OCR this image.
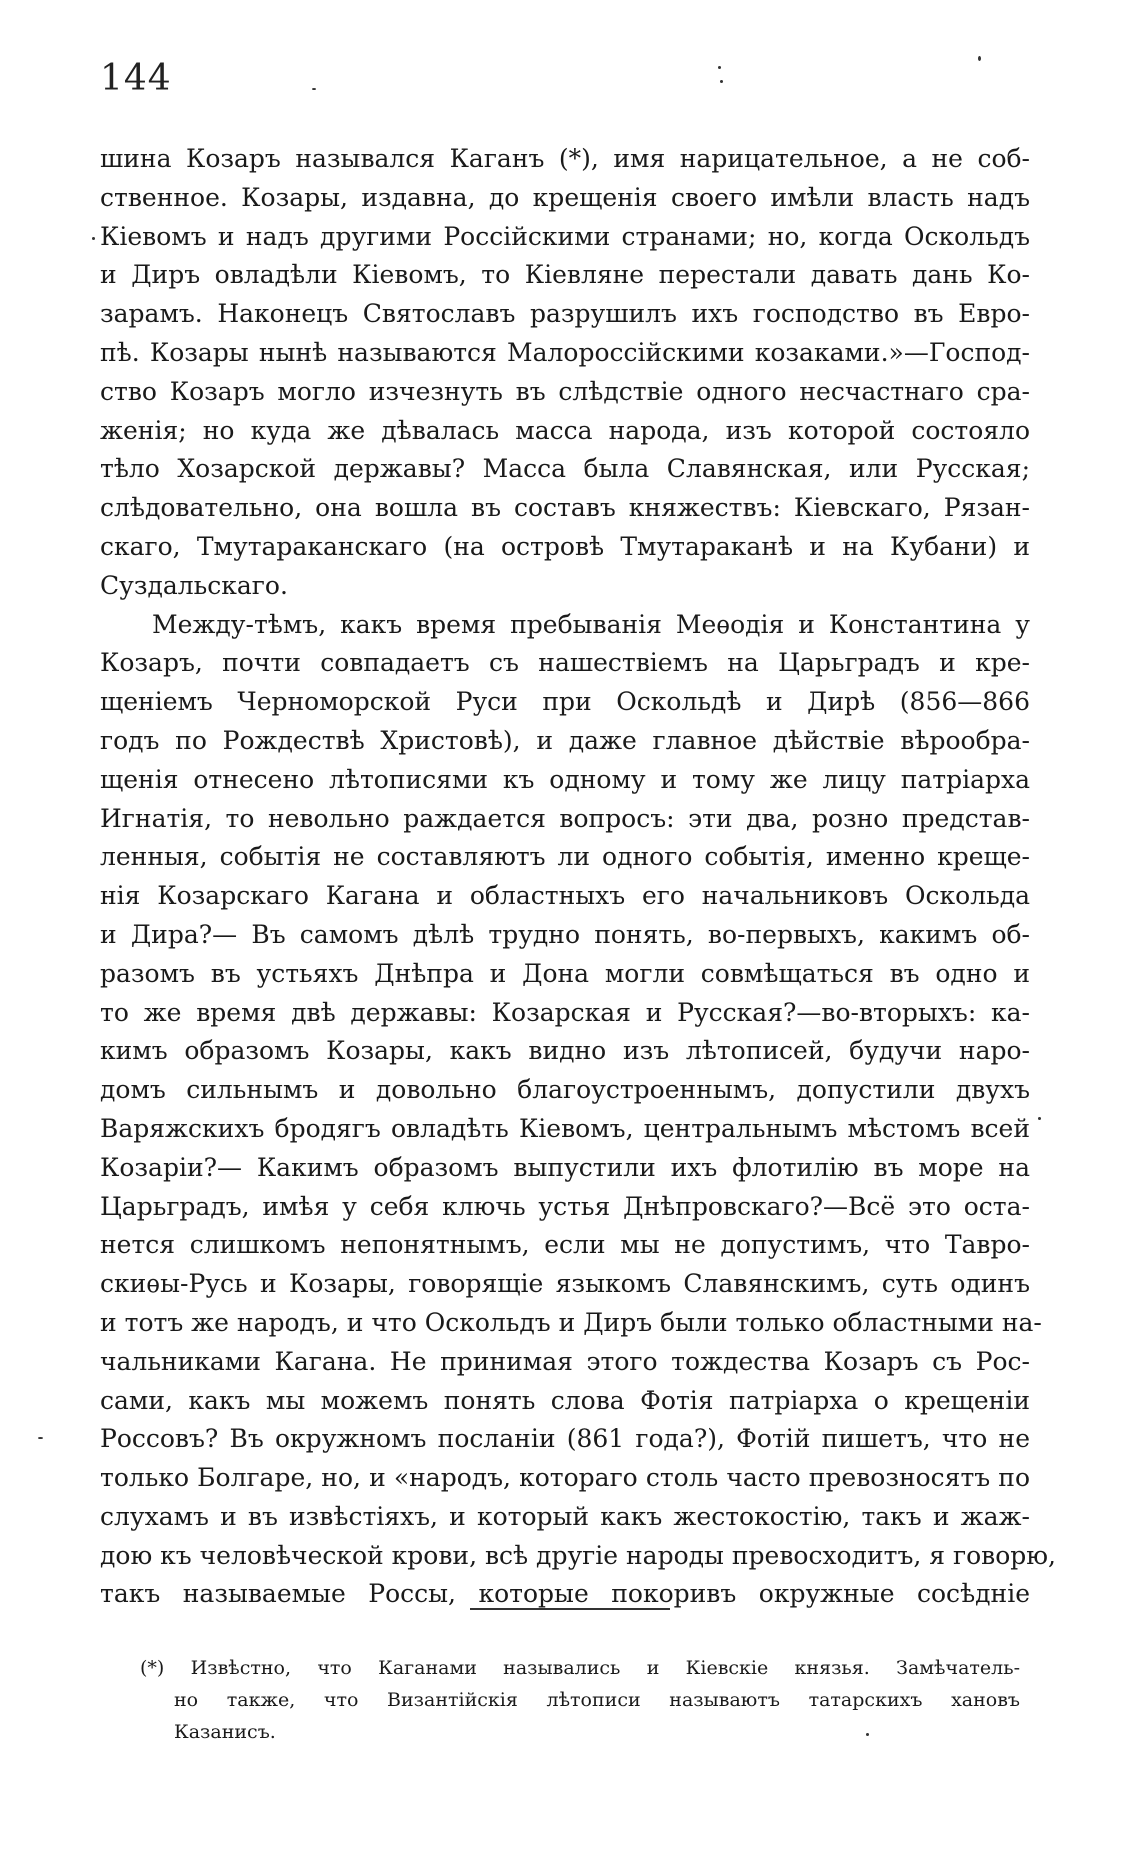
144
шина Козаръ назывался Каганъ (*), имя нарицательное, а не соб-
ственное. Козары, издавна, до крещенія своего имѣли власть надъ
Кіевомъ и надъ другими Россійскими странами; но, когда Оскольдъ
и Диръ овладѣли Кіевомъ, то Кіевляне перестали давать дань Ко-
зарамъ. Наконецъ Святославъ разрушилъ ихъ господство въ Евро-
пѣ. Козары нынѣ называются Малороссійскими козаками.»—Господ-
ство Козаръ могло изчезнуть въ слѣдствіе одного несчастнаго сра-
женія; но куда же дѣвалась масса народа, изъ которой состояло
тѣло Хозарской державы? Масса была Славянская, или Русская;
слѣдовательно, она вошла въ составъ княжествъ: Кіевскаго, Рязан-
скаго, Тмутараканскаго (на островѣ Тмутараканѣ и на Кубани) и
Суздальскаго.
Между-тѣмъ, какъ время пребыванія Меѳодія и Константина у
Козаръ, почти совпадаетъ съ нашествіемъ на Царьградъ и кре-
щеніемъ Черноморской Руси при Оскольдѣ и Дирѣ (856—866
годъ по Рождествѣ Христовѣ), и даже главное дѣйствіе вѣрообра-
щенія отнесено лѣтописями къ одному и тому же лицу патріарха
Игнатія, то невольно раждается вопросъ: эти два, розно представ-
ленныя, событія не составляютъ ли одного событія, именно крещe-
нія Козарскаго Кагана и областныхъ его начальниковъ Оскольда
и Дира?— Въ самомъ дѣлѣ трудно понять, во-первыхъ, какимъ об-
разомъ въ устьяхъ Днѣпра и Дона могли совмѣщаться въ одно и
то же время двѣ державы: Козарская и Русская?—во-вторыхъ: ка-
кимъ образомъ Козары, какъ видно изъ лѣтописей, будучи наро-
домъ сильнымъ и довольно благоустроеннымъ, допустили двухъ
Варяжскихъ бродягъ овладѣть Кіевомъ, центральнымъ мѣстомъ всей
Козаріи?— Какимъ образомъ выпустили ихъ флотилію въ море на
Царьградъ, имѣя у себя ключь устья Днѣпровскаго?—Всё это оста-
нется слишкомъ непонятнымъ, если мы не допустимъ, что Тавро-
скиѳы-Русь и Козары, говорящіе языкомъ Славянскимъ, суть одинъ
и тотъ же народъ, и что Оскольдъ и Диръ были только областными на-
чальниками Кагана. Не принимая этого тождества Козаръ съ Рос-
сами, какъ мы можемъ понять слова Фотія патріарха о крещеніи
Россовъ? Въ окружномъ посланіи (861 года?), Фотій пишетъ, что не
только Болгаре, но, и «народъ, котораго столь часто превозносятъ по
слухамъ и въ извѣстіяхъ, и который какъ жестокостію, такъ и жаж-
дою къ человѣческой крови, всѣ другіе народы превосходитъ, я говорю,
такъ называемые Россы, которые покоривъ окружные сосѣдніе
(*) Извѣстно, что Каганами назывались и Кіевскіе князья. Замѣчатель-
но также, что Византійскія лѣтописи называютъ татарскихъ хановъ
Казанисъ.
